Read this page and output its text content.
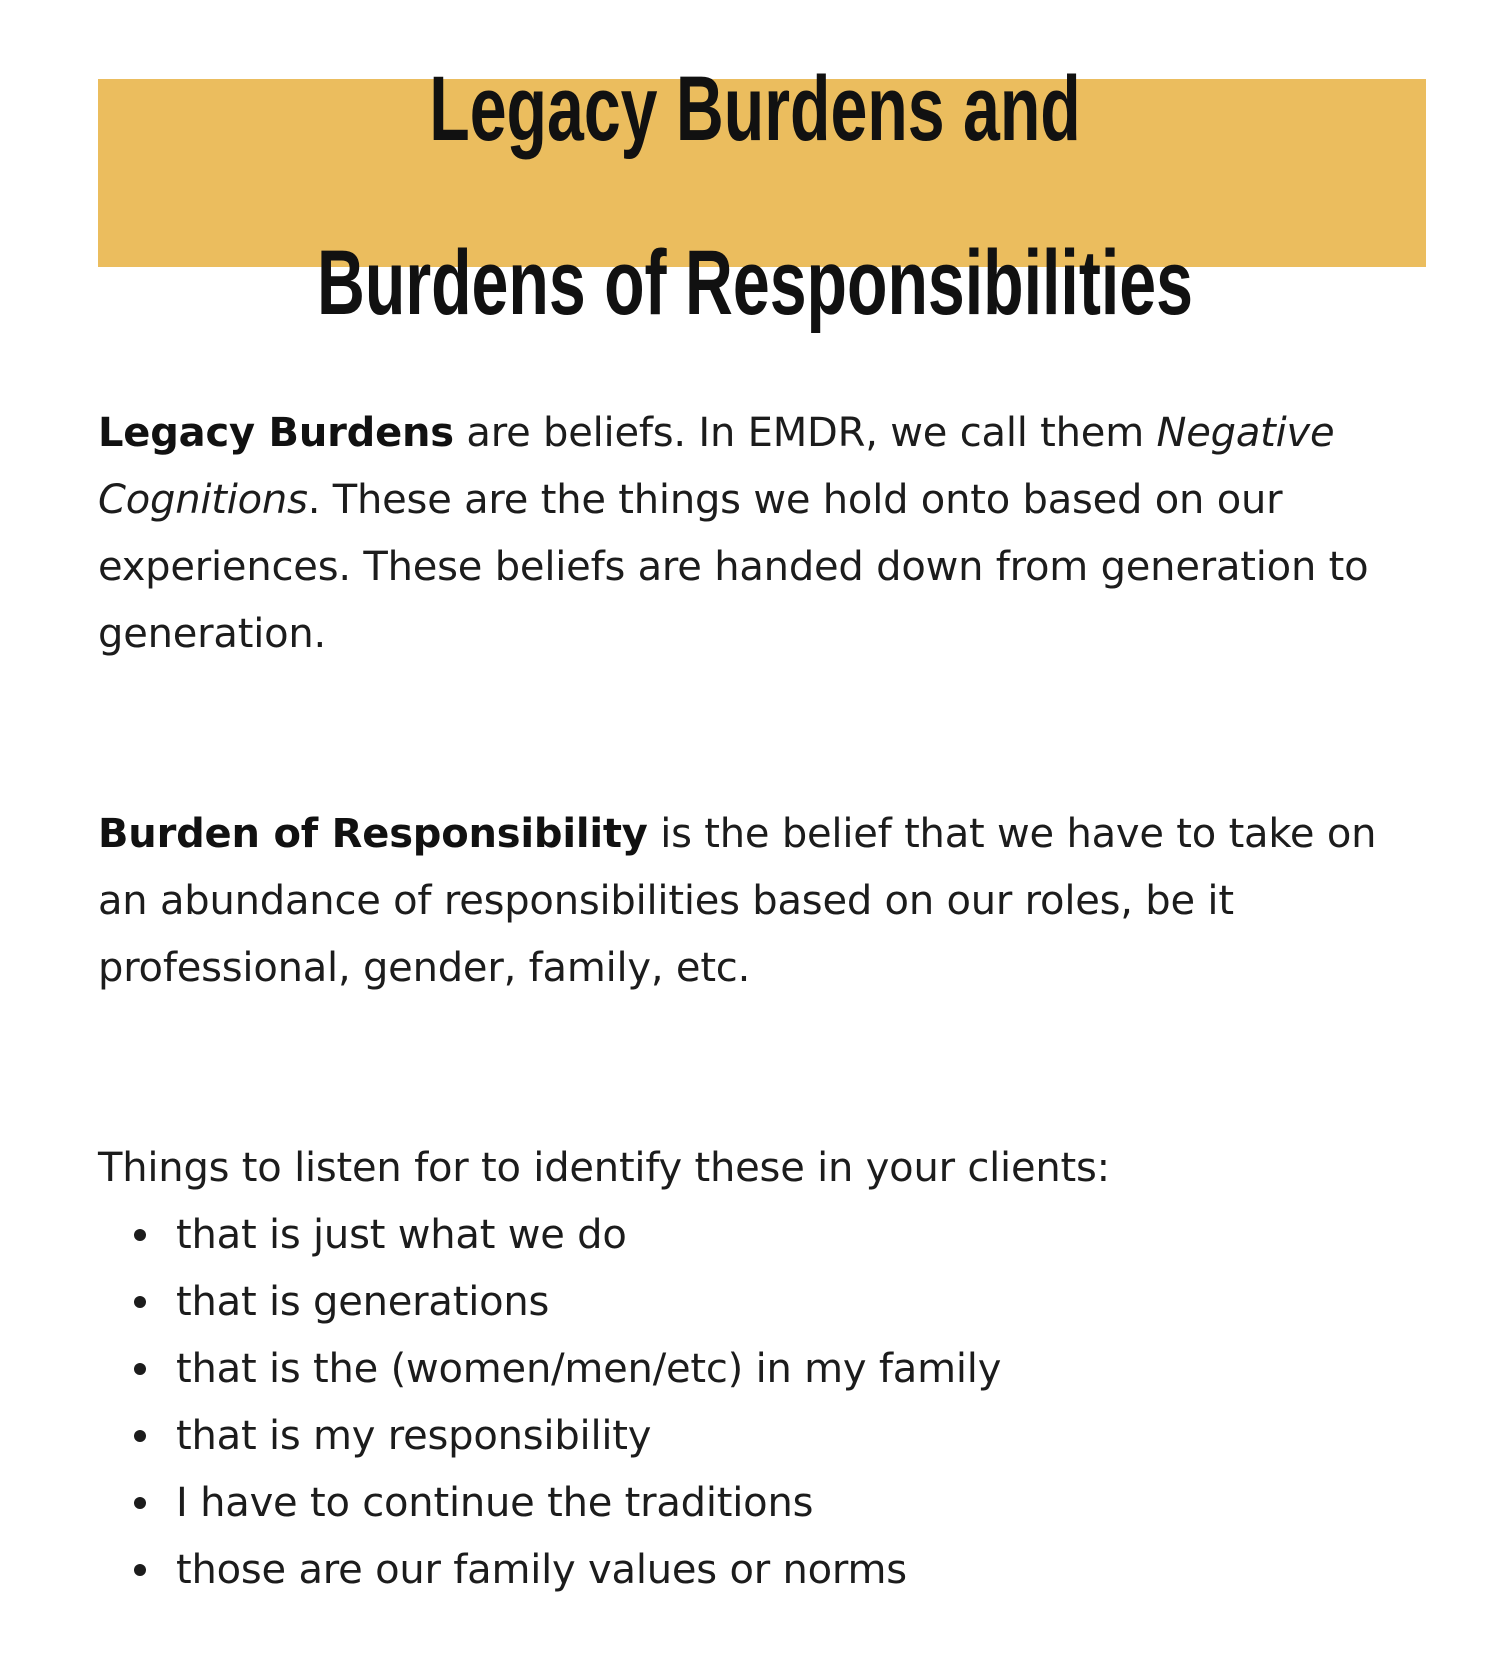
Legacy Burdens and
Burdens of Responsibilities

Legacy Burdens are beliefs. In EMDR, we call them Negative Cognitions. These are the things we hold onto based on our experiences. These beliefs are handed down from generation to generation.

Burden of Responsibility is the belief that we have to take on an abundance of responsibilities based on our roles, be it professional, gender, family, etc.

Things to listen for to identify these in your clients:

that is just what we do
that is generations
that is the (women/men/etc) in my family
that is my responsibility
I have to continue the traditions
those are our family values or norms
